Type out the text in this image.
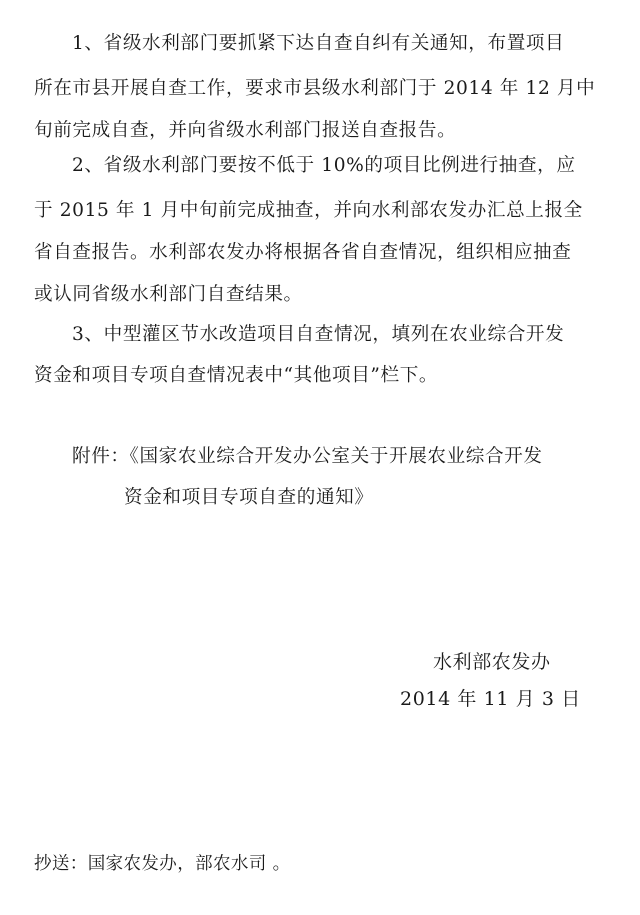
1、省级水利部门要抓紧下达自查自纠有关通知，布置项目
所在市县开展自查工作，要求市县级水利部门于 2014 年 12 月中
旬前完成自查，并向省级水利部门报送自查报告。
2、省级水利部门要按不低于 10%的项目比例进行抽查，应
于 2015 年 1 月中旬前完成抽查，并向水利部农发办汇总上报全
省自查报告。水利部农发办将根据各省自查情况，组织相应抽查
或认同省级水利部门自查结果。
3、中型灌区节水改造项目自查情况，填列在农业综合开发
资金和项目专项自查情况表中“其他项目”栏下。
附件：《国家农业综合开发办公室关于开展农业综合开发
资金和项目专项自查的通知》
水利部农发办
2014 年 11 月 3 日
抄送：国家农发办，部农水司 。
